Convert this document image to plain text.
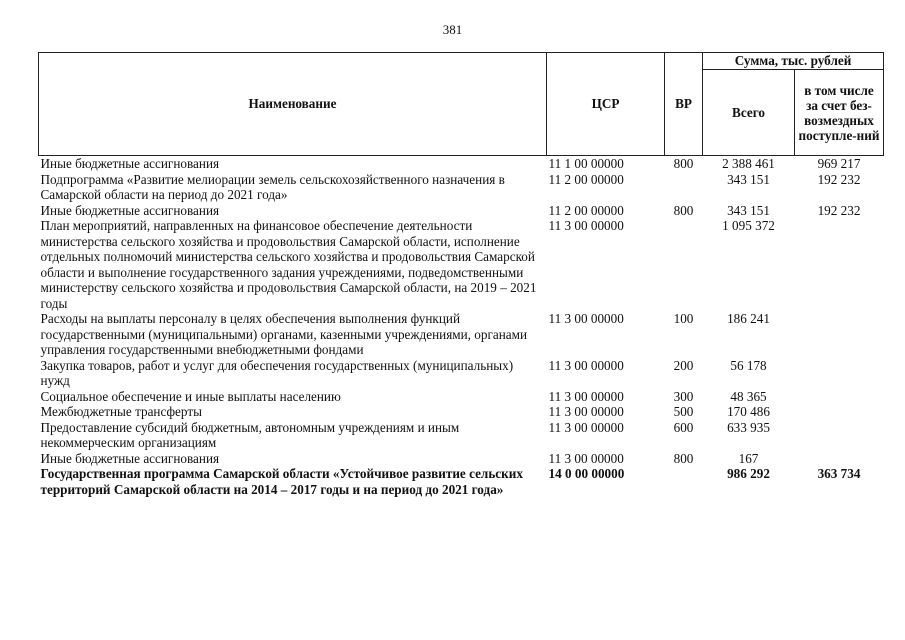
381
Наименование	ЦСР	ВР	Сумма, тыс. рублей	
			Всего	в том числе за счет без-возмездных поступле-ний
Иные бюджетные ассигнования	11 1 00 00000	800	2 388 461	969 217
Подпрограмма «Развитие мелиорации земель сельскохозяйственного назначения в Самарской области на период до 2021 года»	11 2 00 00000		343 151	192 232
Иные бюджетные ассигнования	11 2 00 00000	800	343 151	192 232
План мероприятий, направленных на финансовое обеспечение деятельности министерства сельского хозяйства и продовольствия Самарской области, исполнение отдельных полномочий министерства сельского хозяйства и продовольствия Самарской области и выполнение государственного задания учреждениями, подведомственными министерству сельского хозяйства и продовольствия Самарской области, на 2019 – 2021 годы	11 3 00 00000		1 095 372	
Расходы на выплаты персоналу в целях обеспечения выполнения функций государственными (муниципальными) органами, казенными учреждениями, органами управления государственными внебюджетными фондами	11 3 00 00000	100	186 241	
Закупка товаров, работ и услуг для обеспечения государственных (муниципальных) нужд	11 3 00 00000	200	56 178	
Социальное обеспечение и иные выплаты населению	11 3 00 00000	300	48 365	
Межбюджетные трансферты	11 3 00 00000	500	170 486	
Предоставление субсидий бюджетным, автономным учреждениям и иным некоммерческим организациям	11 3 00 00000	600	633 935	
Иные бюджетные ассигнования	11 3 00 00000	800	167	
Государственная программа Самарской области «Устойчивое развитие сельских территорий Самарской области на 2014 – 2017 годы и на период до 2021 года»	14 0 00 00000		986 292	363 734
